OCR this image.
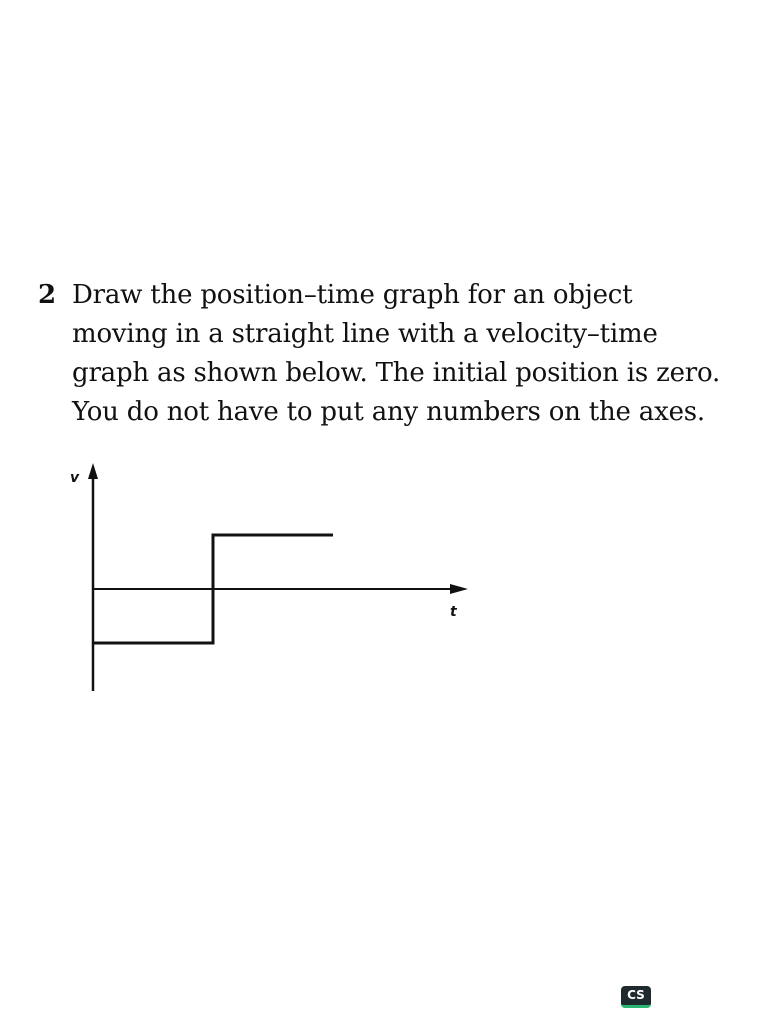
2 Draw the position–time graph for an object
moving in a straight line with a velocity–time
graph as shown below. The initial position is zero.
You do not have to put any numbers on the axes.
v
t
CS
